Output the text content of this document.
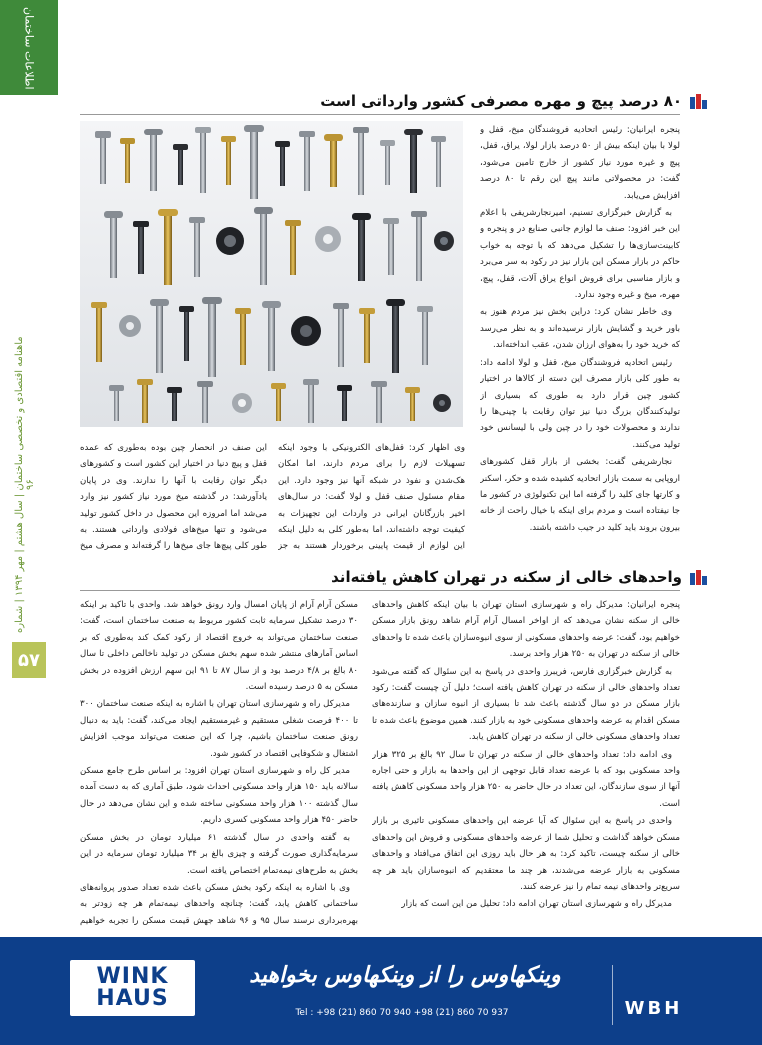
اطلاعات ساختمان
ماهنامه اقتصادی و تخصصی ساختمان | سال هشتم | مهر ۱۳۹۴ | شماره ۹۶
۵۷
۸۰ درصد پیچ و مهره مصرفی کشور وارداتی است

پنجره ایرانیان: رئیس اتحادیه فروشندگان میخ، قفل و لولا با بیان اینکه بیش از ۵۰ درصد بازار لولا، یراق، قفل، پیچ و غیره مورد نیاز کشور از خارج تامین می‌شود، گفت: در محصولاتی مانند پیچ این رقم تا ۸۰ درصد افزایش می‌یابد.

به گزارش خبرگزاری تسنیم، امیرنجارشریفی با اعلام این خبر افزود: صنف ما لوازم جانبی صنایع در و پنجره و کابینت‌سازی‌ها را تشکیل می‌دهد که با توجه به خواب حاکم در بازار مسکن این بازار نیز در رکود به سر می‌برد و بازار مناسبی برای فروش انواع یراق آلات، قفل، پیچ، مهره، میخ و غیره وجود ندارد.

وی خاطر نشان کرد: دراین بخش نیز مردم هنوز به باور خرید و گشایش بازار نرسیده‌اند و به نظر می‌رسد که خرید خود را به‌هوای ارزان شدن، عقب انداخته‌اند.

رئیس اتحادیه فروشندگان میخ، قفل و لولا ادامه داد: به طور کلی بازار مصرف این دسته از کالاها در اختیار کشور چین قرار دارد به طوری که بسیاری از تولیدکنندگان بزرگ دنیا نیز توان رقابت با چینی‌ها را ندارند و محصولات خود را در چین ولی با لیسانس خود تولید می‌کنند.

نجارشریفی گفت: بخشی از بازار قفل کشورهای اروپایی به سمت بازار اتحادیه کشیده شده و حکر، اسکنر و کارتها جای کلید را گرفته اما این تکنولوژی در کشور ما جا نیفتاده است و مردم برای اینکه با خیال راحت از خانه بیرون بروند باید کلید در جیب داشته باشند.

وی اظهار کرد: قفل‌های الکترونیکی با وجود اینکه تسهیلات لازم را برای مردم دارند، اما امکان هک‌شدن و نفوذ در شبکه آنها نیز وجود دارد. این مقام مسئول صنف قفل و لولا گفت: در سال‌های اخیر بازرگانان ایرانی در واردات این تجهیزات به کیفیت توجه داشته‌اند، اما به‌طور کلی به دلیل اینکه این لوازم از قیمت پایینی برخوردار هستند به جز

این صنف در انحصار چین بوده به‌طوری که عمده قفل و پیچ دنیا در اختیار این کشور است و کشورهای دیگر توان رقابت با آنها را ندارند. وی در پایان یادآورشد: در گذشته میخ مورد نیاز کشور نیز وارد می‌شد اما امروزه این محصول در داخل کشور تولید می‌شود و تنها میخ‌های فولادی وارداتی هستند. به طور کلی پیچ‌ها جای میخ‌ها را گرفته‌اند و مصرف میخ

واحدهای خالی از سکنه در تهران کاهش یافته‌اند

پنجره ایرانیان: مدیرکل راه و شهرسازی استان تهران با بیان اینکه کاهش واحدهای خالی از سکنه نشان می‌دهد که از اواخر امسال آرام آرام شاهد رونق بازار مسکن خواهیم بود، گفت: عرضه واحدهای مسکونی از سوی انبوه‌سازان باعث شده تا واحدهای خالی از سکنه در تهران به ۲۵۰ هزار واحد برسد.

به گزارش خبرگزاری فارس، فریبرز واحدی در پاسخ به این سئوال که گفته می‌شود تعداد واحدهای خالی از سکنه در تهران کاهش یافته است؛ دلیل آن چیست گفت: رکود بازار مسکن در دو سال گذشته باعث شد تا بسیاری از انبوه سازان و سازنده‌های مسکن اقدام به عرضه واحدهای مسکونی خود به بازار کنند. همین موضوع باعث شده تا تعداد واحدهای مسکونی خالی از سکنه در تهران کاهش یابد.

وی ادامه داد: تعداد واحدهای خالی از سکنه در تهران تا سال ۹۲ بالغ بر ۳۲۵ هزار واحد مسکونی بود که با عرضه تعداد قابل توجهی از این واحدها به بازار و حتی اجاره آنها از سوی سازندگان، این تعداد در حال حاضر به ۲۵۰ هزار واحد مسکونی کاهش یافته است.

واحدی در پاسخ به این سئوال که آیا عرضه این واحدهای مسکونی تاثیری بر بازار مسکن خواهد گذاشت و تحلیل شما از عرضه واحدهای مسکونی و فروش این واحدهای خالی از سکنه چیست، تاکید کرد: به هر حال باید روزی این اتفاق می‌افتاد و واحدهای مسکونی به بازار عرضه می‌شدند، هر چند ما معتقدیم که انبوه‌سازان باید هر چه سریع‌تر واحدهای نیمه تمام را نیز عرضه کنند.

مدیرکل راه و شهرسازی استان تهران ادامه داد: تحلیل من این است که بازار

مسکن آرام آرام از پایان امسال وارد رونق خواهد شد. واحدی با تاکید بر اینکه ۳۰ درصد تشکیل سرمایه ثابت کشور مربوط به صنعت ساختمان است، گفت: صنعت ساختمان می‌تواند به خروج اقتصاد از رکود کمک کند به‌طوری که بر اساس آمارهای منتشر شده سهم بخش مسکن در تولید ناخالص داخلی تا سال ۸۰ بالغ بر ۴/۸ درصد بود و از سال ۸۷ تا ۹۱ این سهم ارزش افزوده در بخش مسکن به ۵ درصد رسیده است.

مدیرکل راه و شهرسازی استان تهران با اشاره به اینکه صنعت ساختمان ۳۰۰ تا ۴۰۰ فرصت شغلی مستقیم و غیرمستقیم ایجاد می‌کند، گفت: باید به دنبال رونق صنعت ساختمان باشیم، چرا که این صنعت می‌تواند موجب افزایش اشتغال و شکوفایی اقتصاد در کشور شود.

مدیر کل راه و شهرسازی استان تهران افزود: بر اساس طرح جامع مسکن سالانه باید ۱۵۰ هزار واحد مسکونی احداث شود، طبق آماری که به دست آمده سال گذشته ۱۰۰ هزار واحد مسکونی ساخته شده و این نشان می‌دهد در حال حاضر ۴۵۰ هزار واحد مسکونی کسری داریم.

به گفته واحدی در سال گذشته ۶۱ میلیارد تومان در بخش مسکن سرمایه‌گذاری صورت گرفته و چیزی بالغ بر ۳۴ میلیارد تومان سرمایه در این بخش به طرح‌های نیمه‌تمام اختصاص یافته است.

وی با اشاره به اینکه رکود بخش مسکن باعث شده تعداد صدور پروانه‌های ساختمانی کاهش یابد، گفت: چنانچه واحدهای نیمه‌تمام هر چه زودتر به بهره‌برداری نرسند سال ۹۵ و ۹۶ شاهد جهش قیمت مسکن را تجربه خواهیم

WINK
HAUS
وینکهاوس را از وینکهاوس بخواهید
Tel : +98 (21) 860 70 940 +98 (21) 860 70 937	WBH
